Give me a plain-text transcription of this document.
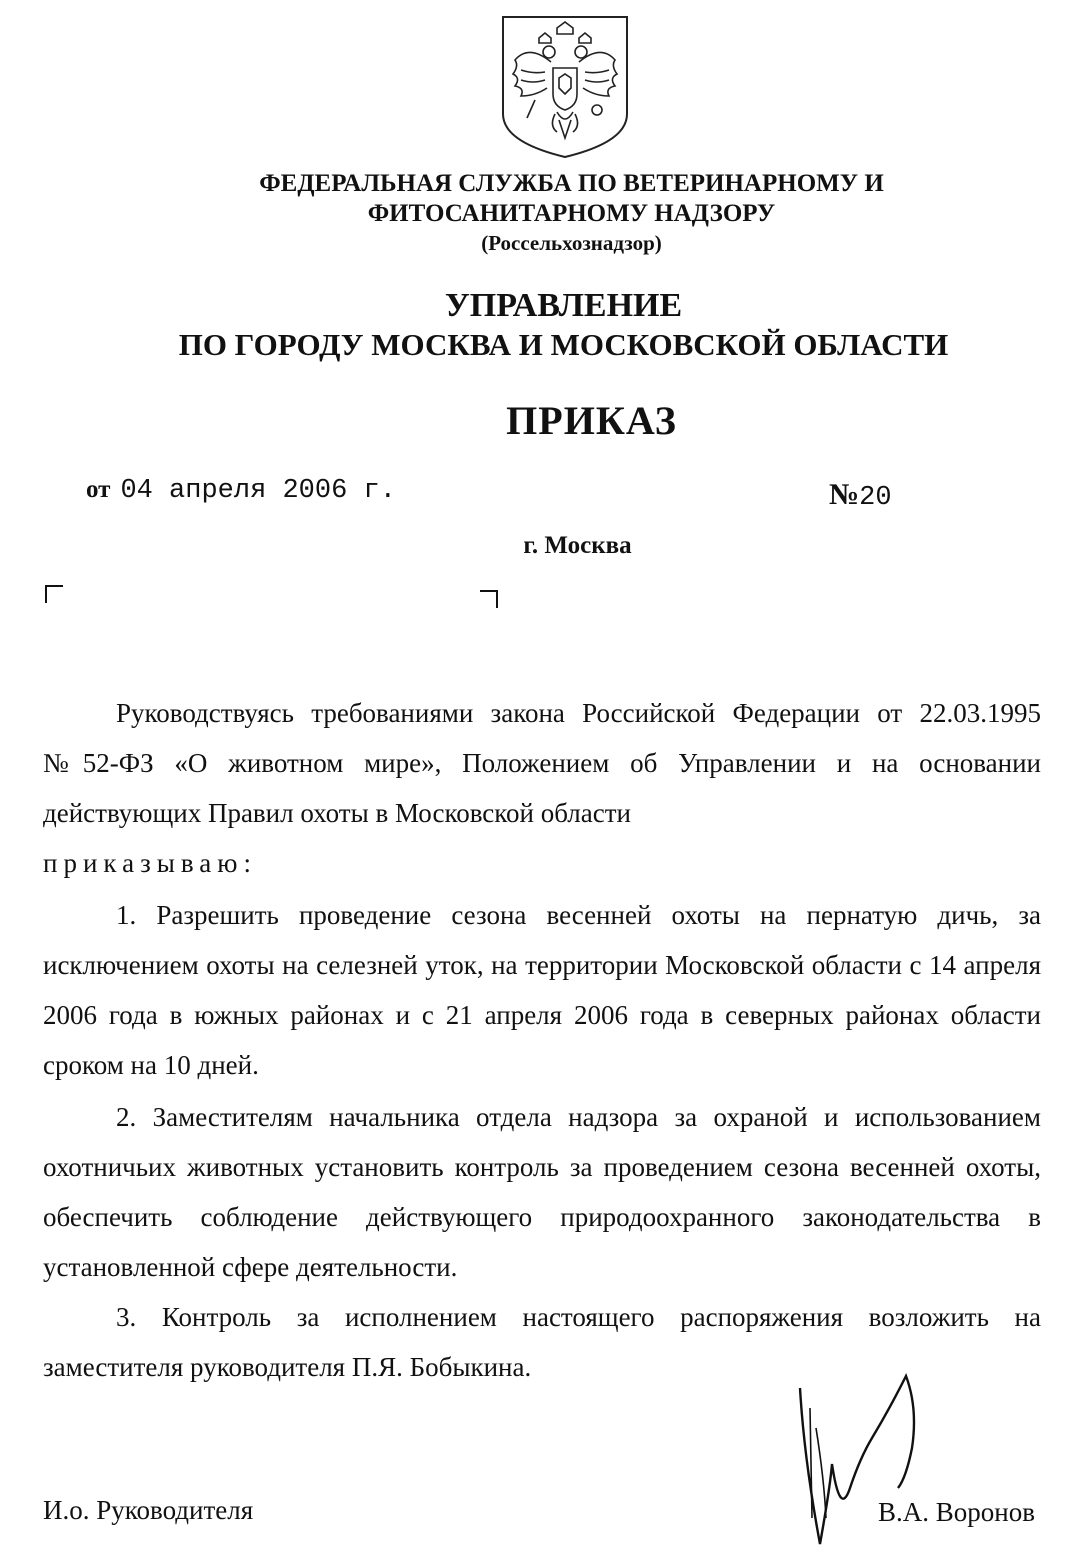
ФЕДЕРАЛЬНАЯ СЛУЖБА ПО ВЕТЕРИНАРНОМУ И
ФИТОСАНИТАРНОМУ НАДЗОРУ
(Россельхознадзор)
УПРАВЛЕНИЕ
ПО ГОРОДУ МОСКВА И МОСКОВСКОЙ ОБЛАСТИ
ПРИКАЗ
от 04 апреля 2006 г.	№20
г. Москва

Руководствуясь требованиями закона Российской Федерации от 22.03.1995 №52-ФЗ «О животном мире», Положением об Управлении и на основании действующих Правил охоты в Московской области
приказываю:

1. Разрешить проведение сезона весенней охоты на пернатую дичь, за исключением охоты на селезней уток, на территории Московской области с 14 апреля 2006 года в южных районах и с 21 апреля 2006 года в северных районах области сроком на 10 дней.

2. Заместителям начальника отдела надзора за охраной и использованием охотничьих животных установить контроль за проведением сезона весенней охоты, обеспечить соблюдение действующего природоохранного законодательства в установленной сфере деятельности.

3. Контроль за исполнением настоящего распоряжения возложить на заместителя руководителя П.Я. Бобыкина.

И.о. Руководителя	В.А. Воронов
